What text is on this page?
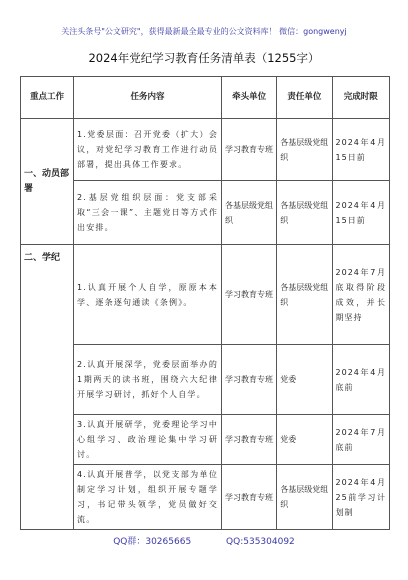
关注头条号"公文研究"，获得最新最全最专业的公文资料库！ 微信：gongwenyj
2024年党纪学习教育任务清单表（1255字）
重点工作	任务内容	牵头单位	责任单位	完成时限
一、动员部署	1.党委层面：召开党委（扩大）会议，对党纪学习教育工作进行动员部署，提出具体工作要求。	学习教育专班	各基层级党组织	2024年4月15日前
	2.基层党组织层面：党支部采取“三会一课”、主题党日等方式作出安排。	各基层级党组织	各基层级党组织	2024年4月15日前
二、学纪	1.认真开展个人自学，原原本本学、逐条逐句通读《条例》。	学习教育专班	各基层级党组织	2024年7月底取得阶段成效，并长期坚持
	2.认真开展深学，党委层面举办的1期两天的读书班，围绕六大纪律开展学习研讨，抓好个人自学。	学习教育专班	党委	2024年4月底前
	3.认真开展研学，党委理论学习中心组学习、政治理论集中学习研讨。	学习教育专班	党委	2024年7月底前
	4.认真开展普学，以党支部为单位制定学习计划，组织开展专题学习，书记带头领学，党员做好交流。	学习教育专班	各基层级党组织	2024年4月25前学习计划制
QQ群：30265665	QQ:535304092
